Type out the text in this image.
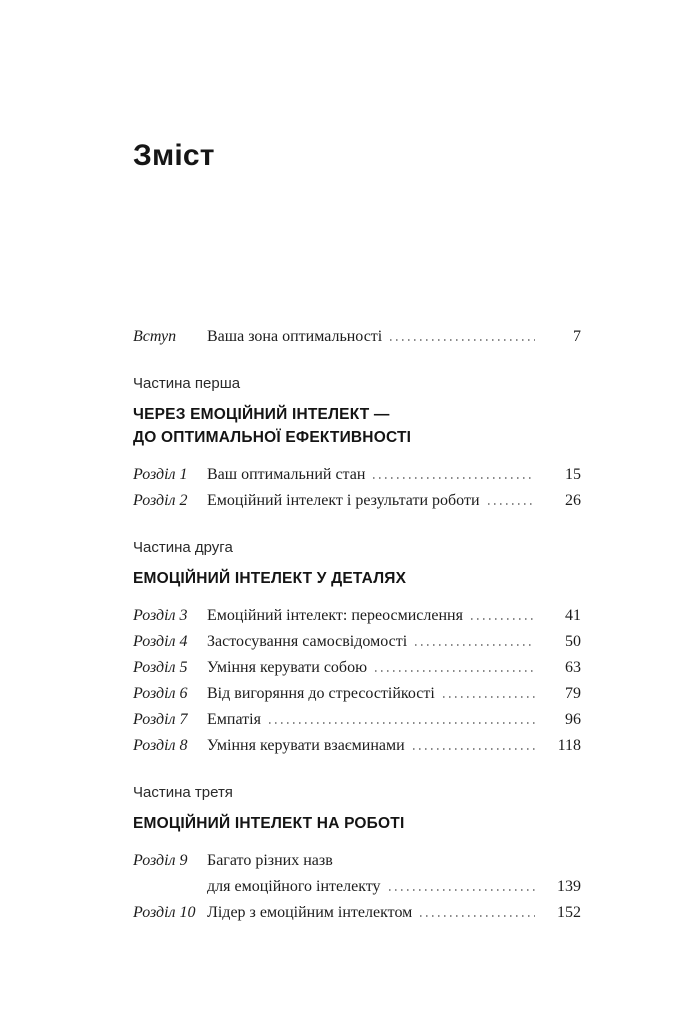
Зміст
Вступ	Ваша зона оптимальності	7
Частина перша
ЧЕРЕЗ ЕМОЦІЙНИЙ ІНТЕЛЕКТ —
ДО ОПТИМАЛЬНОЇ ЕФЕКТИВНОСТІ
Розділ 1	Ваш оптимальний стан	15
Розділ 2	Емоційний інтелект і результати роботи	26
Частина друга
ЕМОЦІЙНИЙ ІНТЕЛЕКТ У ДЕТАЛЯХ
Розділ 3	Емоційний інтелект: переосмислення	41
Розділ 4	Застосування самосвідомості	50
Розділ 5	Уміння керувати собою	63
Розділ 6	Від вигоряння до стресостійкості	79
Розділ 7	Емпатія	96
Розділ 8	Уміння керувати взаєминами	118
Частина третя
ЕМОЦІЙНИЙ ІНТЕЛЕКТ НА РОБОТІ
Розділ 9	Багато різних назв
для емоційного інтелекту	139
Розділ 10 Лідер з емоційним інтелектом	152
